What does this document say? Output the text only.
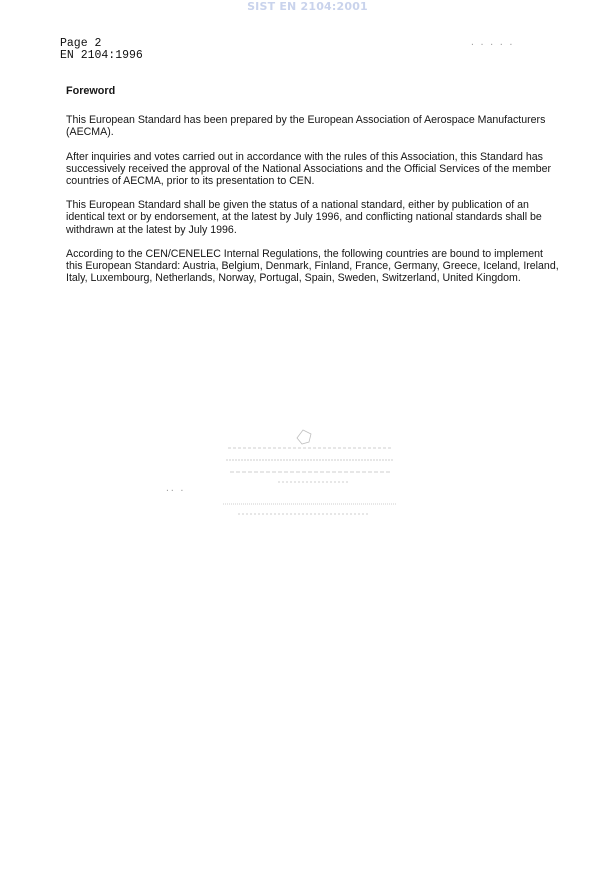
SIST EN 2104:2001
Page 2
EN 2104:1996
· · · · ·
·· ·
Foreword

This European Standard has been prepared by the European Association of Aerospace Manufacturers (AECMA).

After inquiries and votes carried out in accordance with the rules of this Association, this Standard has successively received the approval of the National Associations and the Official Services of the member countries of AECMA, prior to its presentation to CEN.

This European Standard shall be given the status of a national standard, either by publication of an identical text or by endorsement, at the latest by July 1996, and conflicting national standards shall be withdrawn at the latest by July 1996.

According to the CEN/CENELEC Internal Regulations, the following countries are bound to implement this European Standard: Austria, Belgium, Denmark, Finland, France, Germany, Greece, Iceland, Ireland, Italy, Luxembourg, Netherlands, Norway, Portugal, Spain, Sweden, Switzerland, United Kingdom.
